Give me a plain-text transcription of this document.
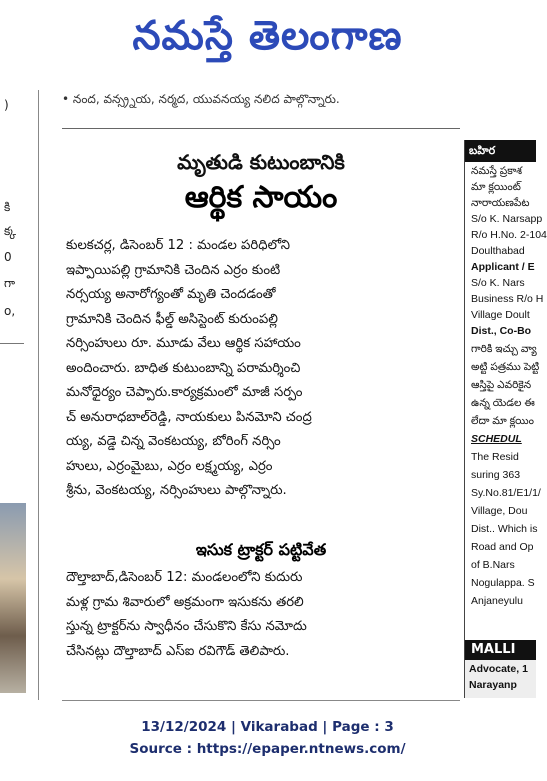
నమస్తే తెలంగాణ
)
కి
క్క
0
గా
o,
• నంద, వన్స్ర్నయ, నర్మద, యువనయ్య నలిద పాల్గొన్నారు.
మృతుడి కుటుంబానికి
ఆర్థిక సాయం
కులకచర్ల, డిసెంబర్ 12 : మండల పరిధిలోని
ఇప్పాయిపల్లి గ్రామానికి చెందిన ఎర్రం కుంటి
నర్సయ్య అనారోగ్యంతో మృతి చెందడంతో
గ్రామానికి చెందిన ఫీల్డ్ అసిస్టెంట్ కురుంపల్లి
నర్సింహులు రూ. మూడు వేలు ఆర్థిక సహాయం
అందించారు. బాధిత కుటుంబాన్ని పరామర్శించి
మనోధైర్యం చెప్పారు.కార్యక్రమంలో మాజీ సర్పం
చ్ అనురాధబాల్‌రెడ్డి, నాయకులు పినమోని చంద్ర
య్య, వడ్డె చిన్న వెంకటయ్య, బోరింగ్ నర్సిం
హులు, ఎర్రంమైబు, ఎర్రం లక్ష్మయ్య, ఎర్రం
శ్రీను, వెంకటయ్య, నర్సింహులు పాల్గొన్నారు.
ఇసుక ట్రాక్టర్ పట్టివేత
దౌల్తాబాద్,డిసెంబర్ 12: మండలంలోని కుదురు
మళ్ల గ్రామ శివారులో అక్రమంగా ఇసుకను తరలి
స్తున్న ట్రాక్టర్‌ను స్వాధీనం చేసుకొని కేసు నమోదు
చేసినట్లు దౌల్తాబాద్ ఎస్ఐ రవిగౌడ్ తెలిపారు.
బహిర
నమస్తే ప్రకాశ
మా క్లయింట్
నారాయణపేట
S/o K. Narsapp
R/o H.No. 2-104
Doulthabad
Applicant / E
S/o K. Nars
Business R/o H
Village Doult
Dist., Co-Bo
గారికి ఇచ్చు వ్యా
అట్టి పత్రము పెట్టి
ఆస్తిపై ఎవరికైన
ఉన్న యెడల ఈ
లేదా మా క్లయిం
SCHEDUL
The Resid
suring 363
Sy.No.81/E1/1/
Village, Dou
Dist.. Which is
Road and Op
of B.Nars
Nogulappa. S
Anjaneyulu
MALLI
Advocate, 1
Narayanp
13/12/2024 | Vikarabad | Page : 3
Source : https://epaper.ntnews.com/
